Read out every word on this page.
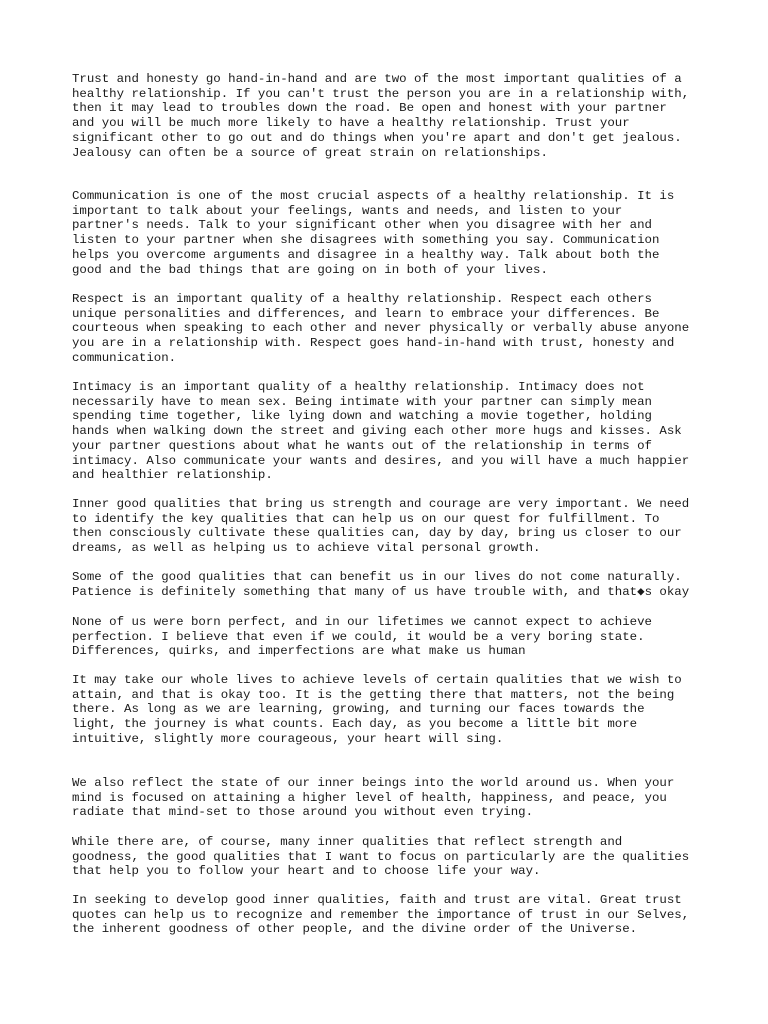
Trust and honesty go hand-in-hand and are two of the most important qualities of a
healthy relationship. If you can't trust the person you are in a relationship with,
then it may lead to troubles down the road. Be open and honest with your partner
and you will be much more likely to have a healthy relationship. Trust your
significant other to go out and do things when you're apart and don't get jealous.
Jealousy can often be a source of great strain on relationships.

Communication is one of the most crucial aspects of a healthy relationship. It is
important to talk about your feelings, wants and needs, and listen to your
partner's needs. Talk to your significant other when you disagree with her and
listen to your partner when she disagrees with something you say. Communication
helps you overcome arguments and disagree in a healthy way. Talk about both the
good and the bad things that are going on in both of your lives.

Respect is an important quality of a healthy relationship. Respect each others
unique personalities and differences, and learn to embrace your differences. Be
courteous when speaking to each other and never physically or verbally abuse anyone
you are in a relationship with. Respect goes hand-in-hand with trust, honesty and
communication.

Intimacy is an important quality of a healthy relationship. Intimacy does not
necessarily have to mean sex. Being intimate with your partner can simply mean
spending time together, like lying down and watching a movie together, holding
hands when walking down the street and giving each other more hugs and kisses. Ask
your partner questions about what he wants out of the relationship in terms of
intimacy. Also communicate your wants and desires, and you will have a much happier
and healthier relationship.

Inner good qualities that bring us strength and courage are very important. We need
to identify the key qualities that can help us on our quest for fulfillment. To
then consciously cultivate these qualities can, day by day, bring us closer to our
dreams, as well as helping us to achieve vital personal growth.

Some of the good qualities that can benefit us in our lives do not come naturally.
Patience is definitely something that many of us have trouble with, and that◆s okay

None of us were born perfect, and in our lifetimes we cannot expect to achieve
perfection. I believe that even if we could, it would be a very boring state.
Differences, quirks, and imperfections are what make us human

It may take our whole lives to achieve levels of certain qualities that we wish to
attain, and that is okay too. It is the getting there that matters, not the being
there. As long as we are learning, growing, and turning our faces towards the
light, the journey is what counts. Each day, as you become a little bit more
intuitive, slightly more courageous, your heart will sing.

We also reflect the state of our inner beings into the world around us. When your
mind is focused on attaining a higher level of health, happiness, and peace, you
radiate that mind-set to those around you without even trying.

While there are, of course, many inner qualities that reflect strength and
goodness, the good qualities that I want to focus on particularly are the qualities
that help you to follow your heart and to choose life your way.

In seeking to develop good inner qualities, faith and trust are vital. Great trust
quotes can help us to recognize and remember the importance of trust in our Selves,
the inherent goodness of other people, and the divine order of the Universe.
